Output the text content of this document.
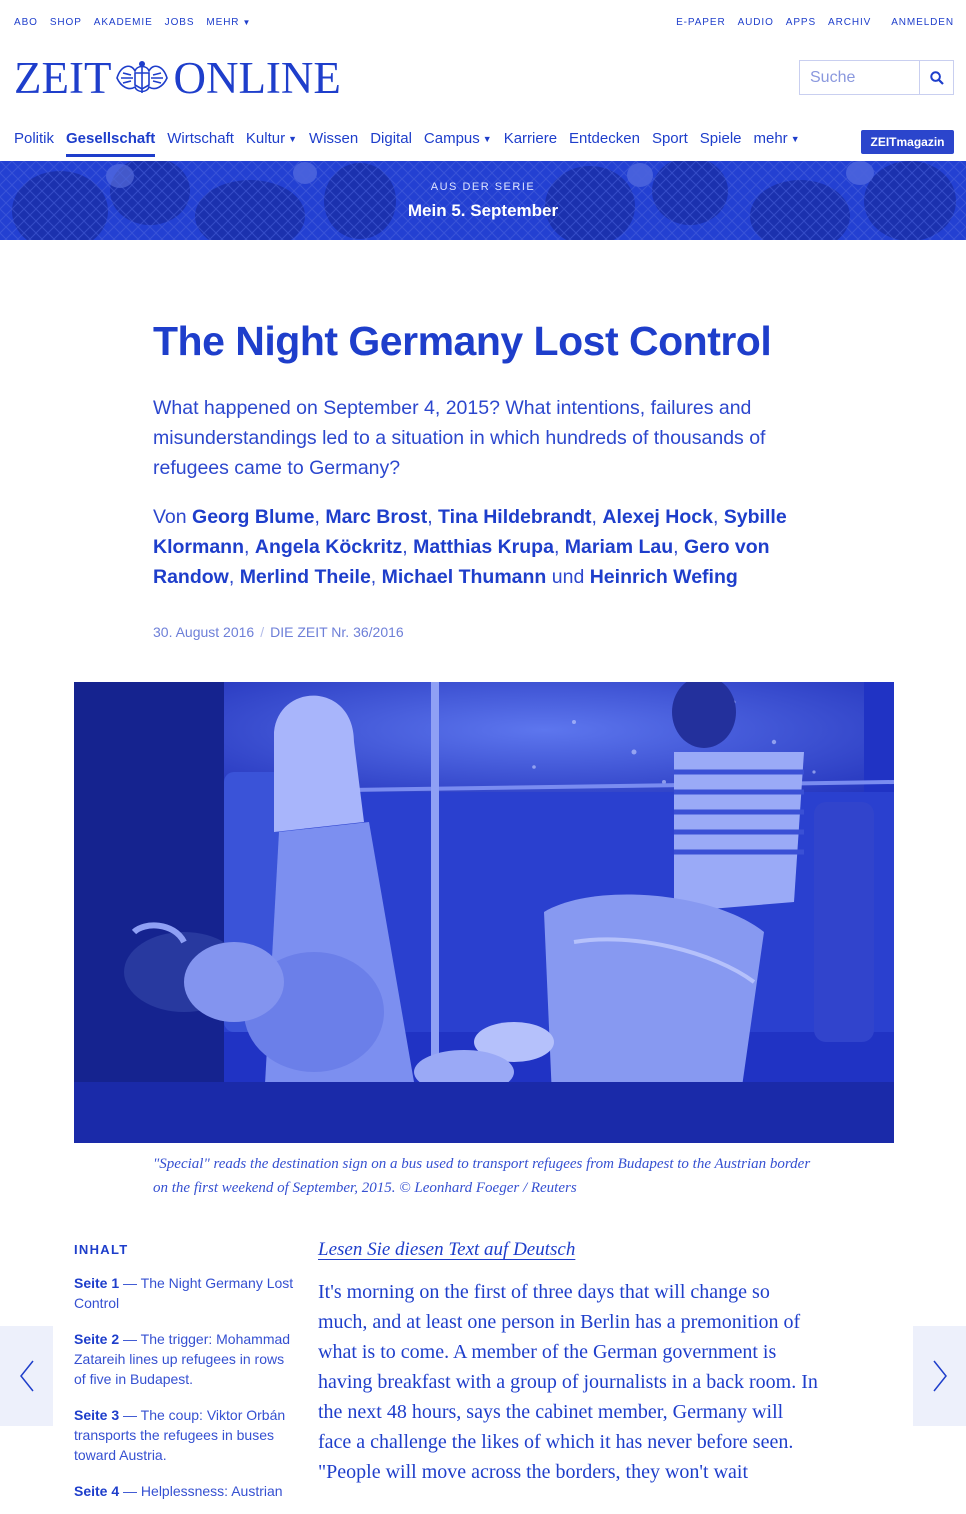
ABO SHOP AKADEMIE JOBS MEHR ▼	E-PAPER AUDIO APPS ARCHIV ANMELDEN
ZEIT ONLINE
Suche
Politik Gesellschaft Wirtschaft Kultur ▼ Wissen Digital Campus ▼ Karriere Entdecken Sport Spiele mehr ▼	ZEITmagazin
AUS DER SERIE
Mein 5. September
The Night Germany Lost Control

What happened on September 4, 2015? What intentions, failures and misunderstandings led to a situation in which hundreds of thousands of refugees came to Germany?

Von Georg Blume, Marc Brost, Tina Hildebrandt, Alexej Hock, Sybille Klormann, Angela Köckritz, Matthias Krupa, Mariam Lau, Gero von Randow, Merlind Theile, Michael Thumann und Heinrich Wefing

30. August 2016 / DIE ZEIT Nr. 36/2016

"Special" reads the destination sign on a bus used to transport refugees from Budapest to the Austrian border on the first weekend of September, 2015. © Leonhard Foeger / Reuters

INHALT
Seite 1 — The Night Germany Lost Control
Seite 2 — The trigger: Mohammad Zatareih lines up refugees in rows of five in Budapest.
Seite 3 — The coup: Viktor Orbán transports the refugees in buses toward Austria.
Seite 4 — Helplessness: Austrian
Lesen Sie diesen Text auf Deutsch

It's morning on the first of three days that will change so much, and at least one person in Berlin has a premonition of what is to come. A member of the German government is having breakfast with a group of journalists in a back room. In the next 48 hours, says the cabinet member, Germany will face a challenge the likes of which it has never before seen. "People will move across the borders, they won't wait
